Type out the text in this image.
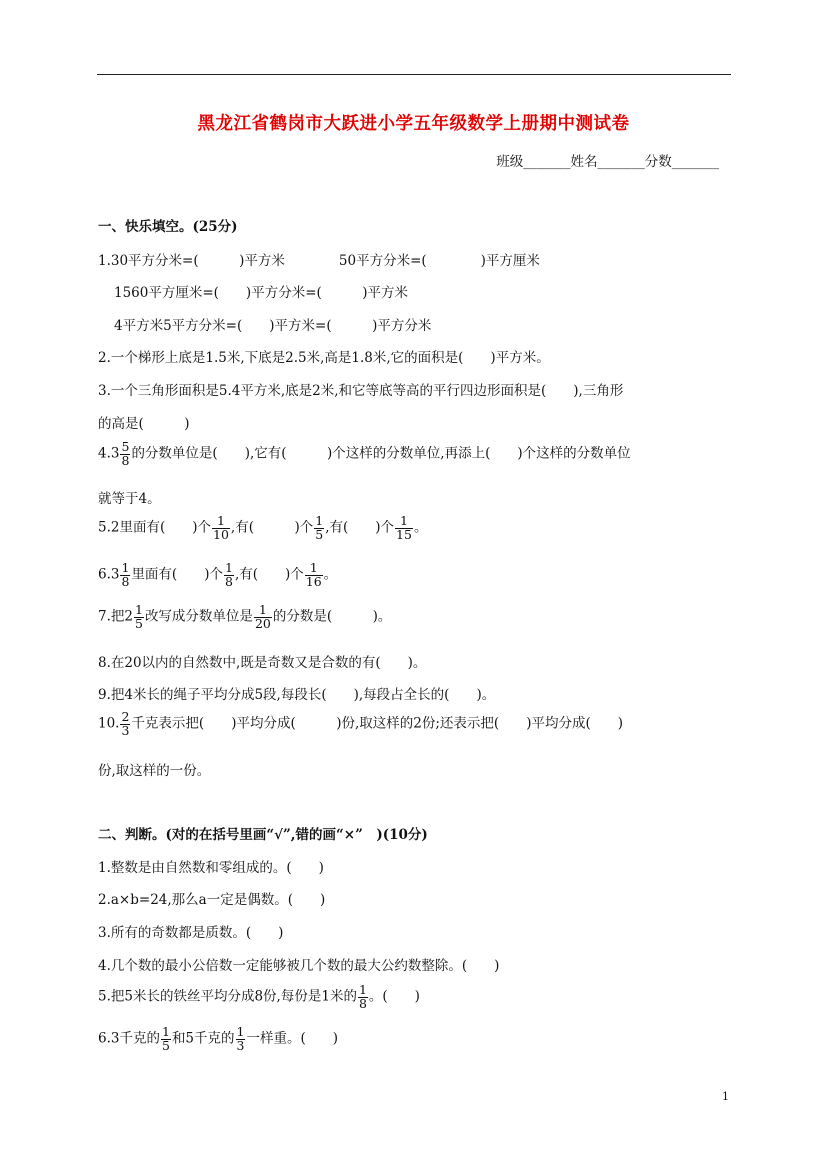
黑龙江省鹤岗市大跃进小学五年级数学上册期中测试卷
班级_______姓名_______分数_______
一、快乐填空。(25分)
1.30平方分米=(　　　)平方米　　　　50平方分米=(　　　　)平方厘米
1560平方厘米=(　　)平方分米=(　　　)平方米
4平方米5平方分米=(　　)平方米=(　　　)平方分米
2.一个梯形上底是1.5米,下底是2.5米,高是1.8米,它的面积是(　　)平方米。
3.一个三角形面积是5.4平方米,底是2米,和它等底等高的平行四边形面积是(　　),三角形
的高是(　　　)
$4.3 \frac{5}{8}$ 的分数单位是(　　),它有(　　　)个这样的分数单位,再添上(　　)个这样的分数单位
就等于4。
5.2里面有(　　)个 $\frac{1}{10}$ ,有(　　　)个 $\frac{1}{5}$ ,有(　　)个 $\frac{1}{15}$ 。
$6.3 \frac{1}{8}$ 里面有(　　)个 $\frac{1}{8}$ ,有(　　)个 $\frac{1}{16}$ 。
7.把$2 \frac{1}{5}$ 改写成分数单位是 $\frac{1}{20}$ 的分数是(　　　)。
8.在20以内的自然数中,既是奇数又是合数的有(　　)。
9.把4米长的绳子平均分成5段,每段长(　　),每段占全长的(　　)。
10. $\frac{2}{3}$ 千克表示把(　　)平均分成(　　　)份,取这样的2份;还表示把(　　)平均分成(　　)
份,取这样的一份。
二、判断。(对的在括号里画“√”,错的画“×”　)(10分)
1.整数是由自然数和零组成的。(　　)
2.a×b=24,那么a一定是偶数。(　　)
3.所有的奇数都是质数。(　　)
4.几个数的最小公倍数一定能够被几个数的最大公约数整除。(　　)
5.把5米长的铁丝平均分成8份,每份是1米的 $\frac{1}{8}$ 。(　　)
6.3千克的 $\frac{1}{5}$ 和5千克的 $\frac{1}{3}$ 一样重。(　　)
1
